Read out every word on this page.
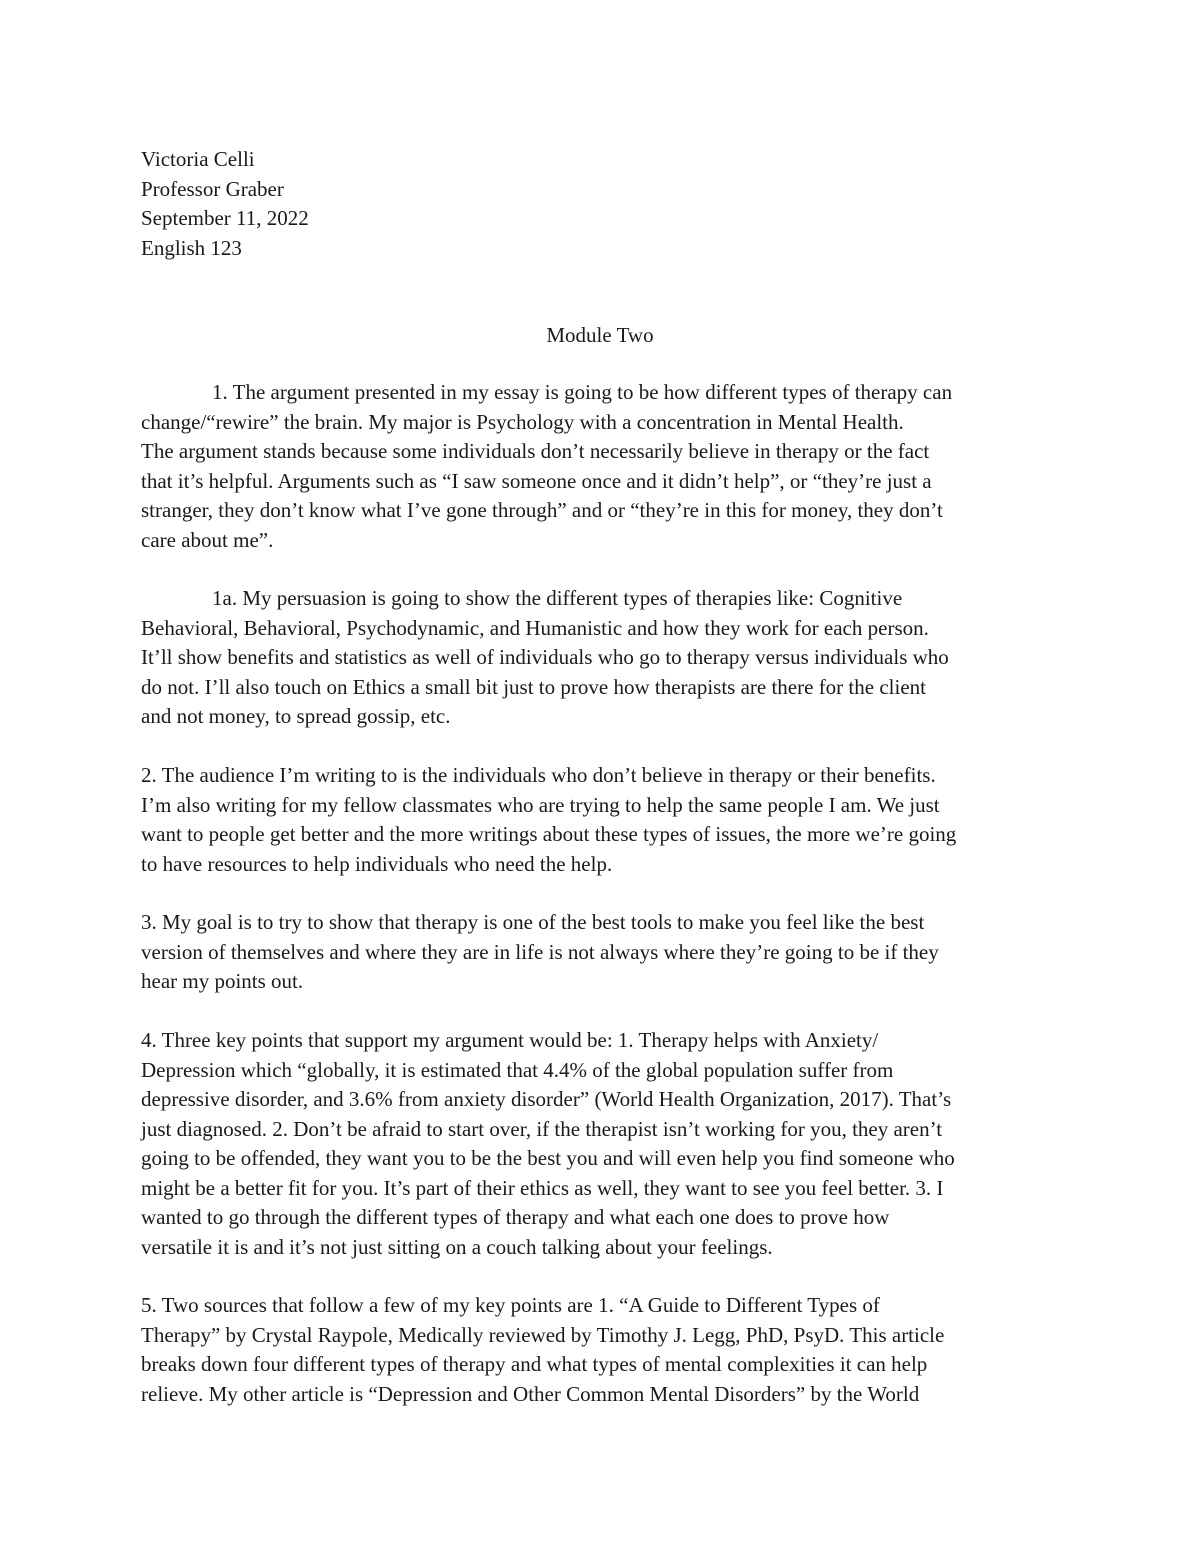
Victoria Celli
Professor Graber
September 11, 2022
English 123
Module Two
1. The argument presented in my essay is going to be how different types of therapy can
change/“rewire” the brain. My major is Psychology with a concentration in Mental Health.
The argument stands because some individuals don’t necessarily believe in therapy or the fact
that it’s helpful. Arguments such as “I saw someone once and it didn’t help”, or “they’re just a
stranger, they don’t know what I’ve gone through” and or “they’re in this for money, they don’t
care about me”.
1a. My persuasion is going to show the different types of therapies like: Cognitive
Behavioral, Behavioral, Psychodynamic, and Humanistic and how they work for each person.
It’ll show benefits and statistics as well of individuals who go to therapy versus individuals who
do not. I’ll also touch on Ethics a small bit just to prove how therapists are there for the client
and not money, to spread gossip, etc.
2. The audience I’m writing to is the individuals who don’t believe in therapy or their benefits.
I’m also writing for my fellow classmates who are trying to help the same people I am. We just
want to people get better and the more writings about these types of issues, the more we’re going
to have resources to help individuals who need the help.
3. My goal is to try to show that therapy is one of the best tools to make you feel like the best
version of themselves and where they are in life is not always where they’re going to be if they
hear my points out.
4. Three key points that support my argument would be: 1. Therapy helps with Anxiety/
Depression which “globally, it is estimated that 4.4% of the global population suffer from
depressive disorder, and 3.6% from anxiety disorder” (World Health Organization, 2017). That’s
just diagnosed. 2. Don’t be afraid to start over, if the therapist isn’t working for you, they aren’t
going to be offended, they want you to be the best you and will even help you find someone who
might be a better fit for you. It’s part of their ethics as well, they want to see you feel better. 3. I
wanted to go through the different types of therapy and what each one does to prove how
versatile it is and it’s not just sitting on a couch talking about your feelings.
5. Two sources that follow a few of my key points are 1. “A Guide to Different Types of
Therapy” by Crystal Raypole, Medically reviewed by Timothy J. Legg, PhD, PsyD. This article
breaks down four different types of therapy and what types of mental complexities it can help
relieve. My other article is “Depression and Other Common Mental Disorders” by the World
